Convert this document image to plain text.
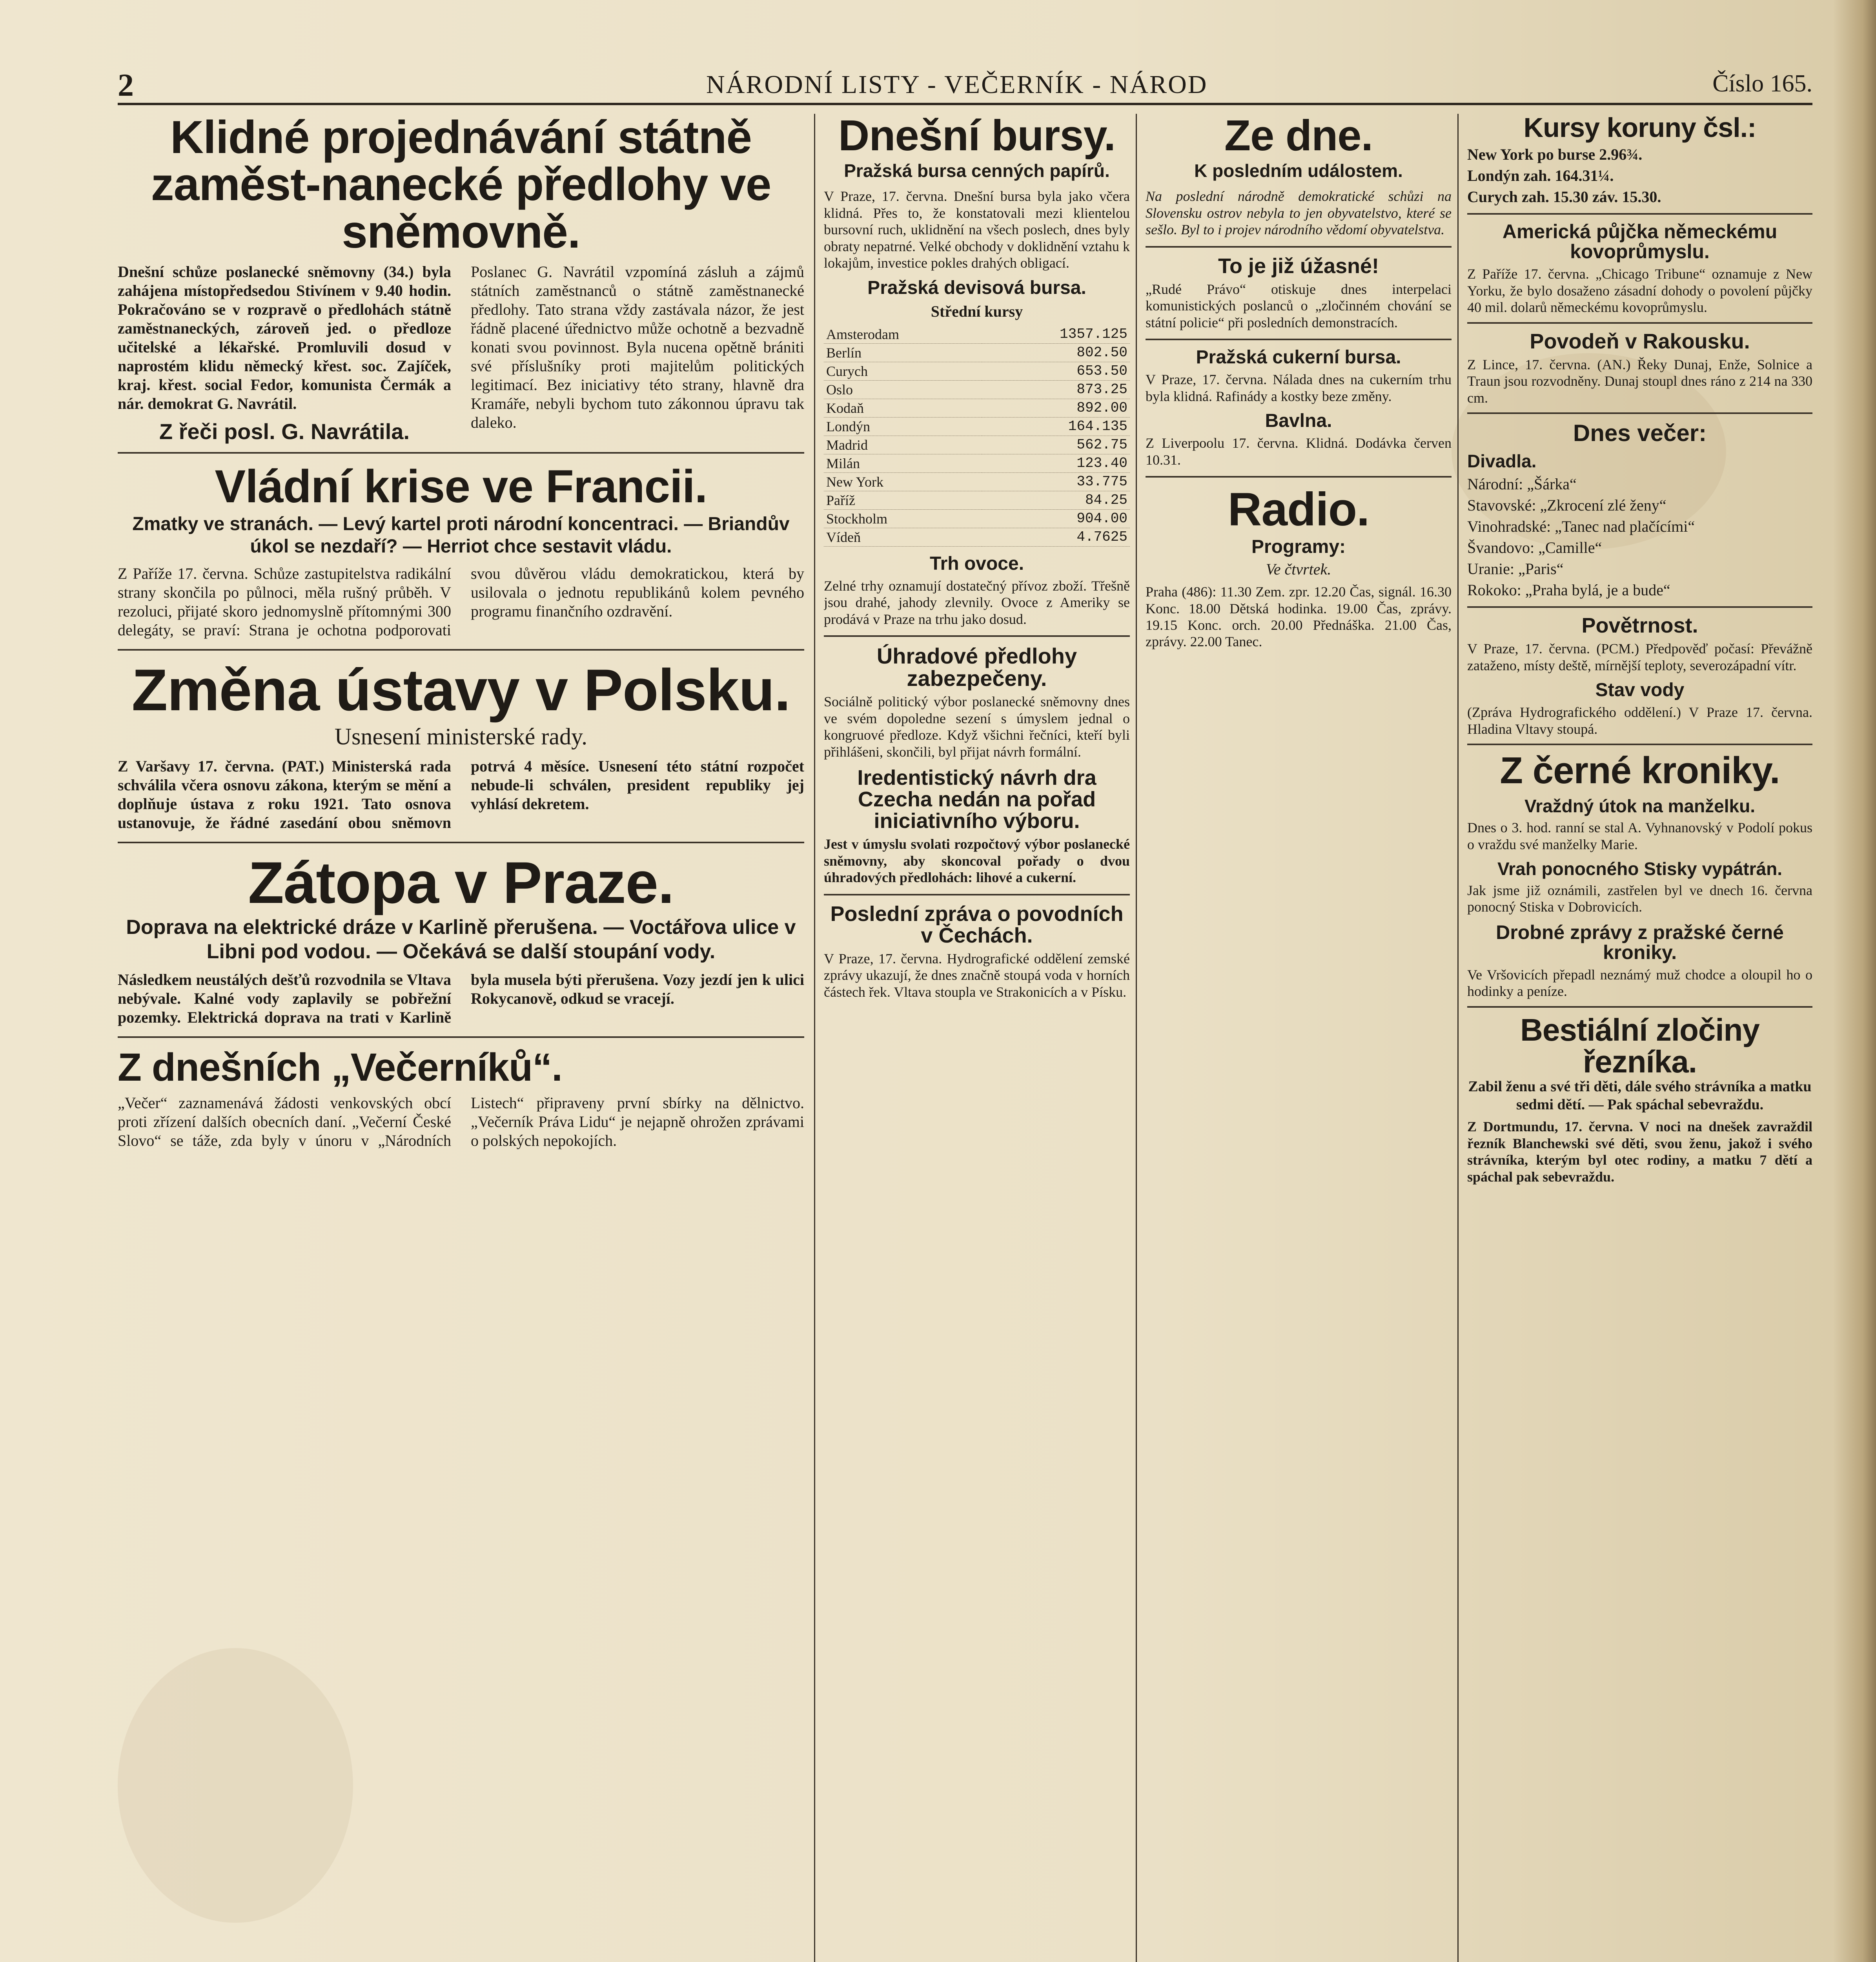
2	NÁRODNÍ LISTY - VEČERNÍK - NÁROD	Číslo 165.
Klidné projednávání státně zaměst-nanecké předlohy ve sněmovně.

Dnešní schůze poslanecké sněmovny (34.) byla zahájena místopředsedou Stivínem v 9.40 hodin. Pokračováno se v rozpravě o předlohách státně zaměstnaneckých, zároveň jed. o předloze učitelské a lékařské. Promluvili dosud v naprostém klidu německý křest. soc. Zajíček, kraj. křest. social Fedor, komunista Čermák a nár. demokrat G. Navrátil.

Z řeči posl. G. Navrátila.

Poslanec G. Navrátil vzpomíná zásluh a zájmů státních zaměstnanců o státně zaměstnanecké předlohy. Tato strana vždy zastávala názor, že jest řádně placené úřednictvo může ochotně a bezvadně konati svou povinnost. Byla nucena opětně brániti své příslušníky proti majitelům politických legitimací. Bez iniciativy této strany, hlavně dra Kramáře, nebyli bychom tuto zákonnou úpravu tak daleko.

Vládní krise ve Francii.

Zmatky ve stranách. — Levý kartel proti národní koncentraci. — Briandův úkol se nezdaří? — Herriot chce sestavit vládu.

Z Paříže 17. června. Schůze zastupitelstva radikální strany skončila po půlnoci, měla rušný průběh. V rezoluci, přijaté skoro jednomyslně přítomnými 300 delegáty, se praví: Strana je ochotna podporovati svou důvěrou vládu demokratickou, která by usilovala o jednotu republikánů kolem pevného programu finančního ozdravění.

Změna ústavy v Polsku.

Usnesení ministerské rady.

Z Varšavy 17. června. (PAT.) Ministerská rada schválila včera osnovu zákona, kterým se mění a doplňuje ústava z roku 1921. Tato osnova ustanovuje, že řádné zasedání obou sněmovn potrvá 4 měsíce. Usnesení této státní rozpočet nebude-li schválen, president republiky jej vyhlásí dekretem.

Zátopa v Praze.

Doprava na elektrické dráze v Karlině přerušena. — Voctářova ulice v Libni pod vodou. — Očekává se další stoupání vody.

Následkem neustálých dešťů rozvodnila se Vltava nebývale. Kalné vody zaplavily se pobřežní pozemky. Elektrická doprava na trati v Karlině byla musela býti přerušena. Vozy jezdí jen k ulici Rokycanově, odkud se vracejí.

Z dnešních „Večerníků“.

„Večer“ zaznamenává žádosti venkovských obcí proti zřízení dalších obecních daní. „Večerní České Slovo“ se táže, zda byly v únoru v „Národních Listech“ připraveny první sbírky na dělnictvo. „Večerník Práva Lidu“ je nejapně ohrožen zprávami o polských nepokojích.

Dnešní bursy.

Pražská bursa cenných papírů.

V Praze, 17. června. Dnešní bursa byla jako včera klidná. Přes to, že konstatovali mezi klientelou bursovní ruch, uklidnění na všech poslech, dnes byly obraty nepatrné. Velké obchody v doklidnění vztahu k lokajům, investice pokles drahých obligací.

Pražská devisová bursa.
Střední kursy
Amsterodam	1357.125
Berlín	802.50
Curych	653.50
Oslo	873.25
Kodaň	892.00
Londýn	164.135
Madrid	562.75
Milán	123.40
New York	33.775
Paříž	84.25
Stockholm	904.00
Vídeň	4.7625
Trh ovoce.

Zelné trhy oznamují dostatečný přívoz zboží. Třešně jsou drahé, jahody zlevnily. Ovoce z Ameriky se prodává v Praze na trhu jako dosud.

Úhradové předlohy zabezpečeny.

Sociálně politický výbor poslanecké sněmovny dnes ve svém dopoledne sezení s úmyslem jednal o kongruové předloze. Když všichni řečníci, kteří byli přihlášeni, skončili, byl přijat návrh formální.

Iredentistický návrh dra Czecha nedán na pořad iniciativního výboru.

Jest v úmyslu svolati rozpočtový výbor poslanecké sněmovny, aby skoncoval pořady o dvou úhradových předlohách: lihové a cukerní.

Poslední zpráva o povodních v Čechách.

V Praze, 17. června. Hydrografické oddělení zemské zprávy ukazují, že dnes značně stoupá voda v horních částech řek. Vltava stoupla ve Strakonicích a v Písku.

Ze dne.

K posledním událostem.

Na poslední národně demokratické schůzi na Slovensku ostrov nebyla to jen obyvatelstvo, které se sešlo. Byl to i projev národního vědomí obyvatelstva.

To je již úžasné!

„Rudé Právo“ otiskuje dnes interpelaci komunistických poslanců o „zločinném chování se státní policie“ při posledních demonstracích.

Pražská cukerní bursa.

V Praze, 17. června. Nálada dnes na cukerním trhu byla klidná. Rafinády a kostky beze změny.

Bavlna.

Z Liverpoolu 17. června. Klidná. Dodávka červen 10.31.

Radio.

Programy:

Ve čtvrtek.

Praha (486): 11.30 Zem. zpr. 12.20 Čas, signál. 16.30 Konc. 18.00 Dětská hodinka. 19.00 Čas, zprávy. 19.15 Konc. orch. 20.00 Přednáška. 21.00 Čas, zprávy. 22.00 Tanec.

Kursy koruny čsl.:
New York po burse 2.96¾.
Londýn zah. 164.31¼.
Curych zah. 15.30 záv. 15.30.
Americká půjčka německému kovoprůmyslu.

Z Paříže 17. června. „Chicago Tribune“ oznamuje z New Yorku, že bylo dosaženo zásadní dohody o povolení půjčky 40 mil. dolarů německému kovoprůmyslu.

Povodeň v Rakousku.

Z Lince, 17. června. (AN.) Řeky Dunaj, Enže, Solnice a Traun jsou rozvodněny. Dunaj stoupl dnes ráno z 214 na 330 cm.

Dnes večer:
Divadla.
Národní: „Šárka“
Stavovské: „Zkrocení zlé ženy“
Vinohradské: „Tanec nad plačícími“
Švandovo: „Camille“
Uranie: „Paris“
Rokoko: „Praha bylá, je a bude“
Povětrnost.

V Praze, 17. června. (PCM.) Předpověď počasí: Převážně zataženo, místy deště, mírnější teploty, severozápadní vítr.

Stav vody

(Zpráva Hydrografického oddělení.) V Praze 17. června. Hladina Vltavy stoupá.

Z černé kroniky.
Vraždný útok na manželku.

Dnes o 3. hod. ranní se stal A. Vyhnanovský v Podolí pokus o vraždu své manželky Marie.

Vrah ponocného Stisky vypátrán.

Jak jsme již oznámili, zastřelen byl ve dnech 16. června ponocný Stiska v Dobrovicích.

Drobné zprávy z pražské černé kroniky.

Ve Vršovicích přepadl neznámý muž chodce a oloupil ho o hodinky a peníze.

Bestiální zločiny řezníka.

Zabil ženu a své tři děti, dále svého strávníka a matku sedmi dětí. — Pak spáchal sebevraždu.

Z Dortmundu, 17. června. V noci na dnešek zavraždil řezník Blanchewski své děti, svou ženu, jakož i svého strávníka, kterým byl otec rodiny, a matku 7 dětí a spáchal pak sebevraždu.
